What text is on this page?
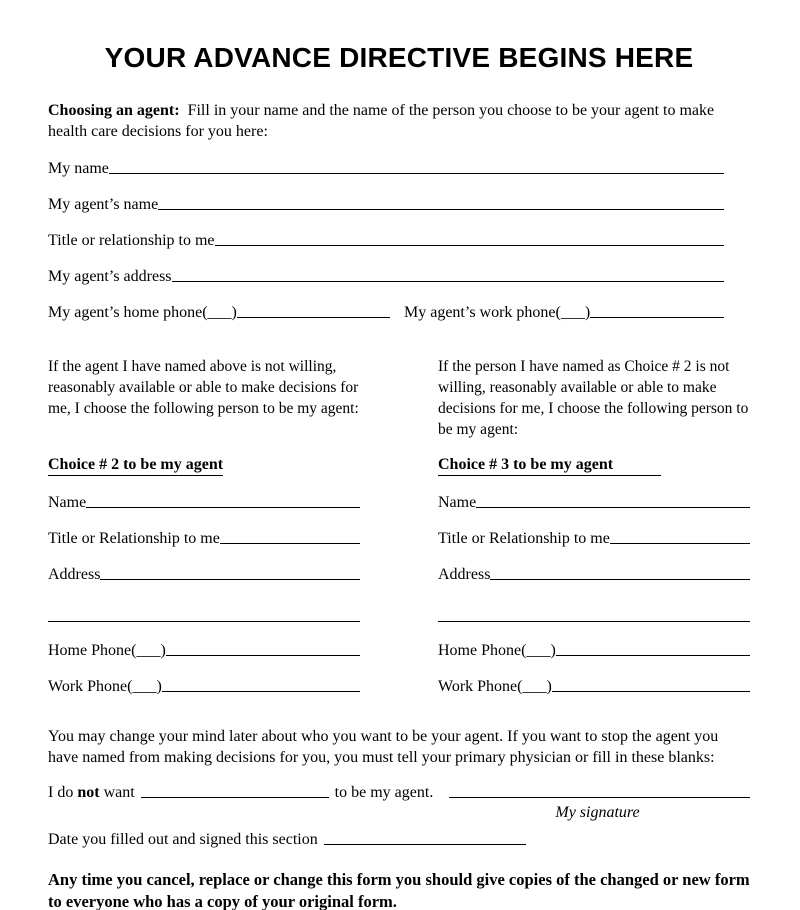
YOUR ADVANCE DIRECTIVE BEGINS HERE

Choosing an agent: Fill in your name and the name of the person you choose to be your agent to make health care decisions for you here:

My name
My agent’s name
Title or relationship to me
My agent’s address
My agent’s home phone (___)	My agent’s work phone (___)

If the agent I have named above is not willing, reasonably available or able to make decisions for me, I choose the following person to be my agent:

Choice # 2 to be my agent
Name
Title or Relationship to me
Address
Home Phone (___)
Work Phone (___)

If the person I have named as Choice # 2 is not willing, reasonably available or able to make decisions for me, I choose the following person to be my agent:

Choice # 3 to be my agent
Name
Title or Relationship to me
Address
Home Phone (___)
Work Phone (___)

You may change your mind later about who you want to be your agent. If you want to stop the agent you have named from making decisions for you, you must tell your primary physician or fill in these blanks:

I do not want	to be my agent.
My signature
Date you filled out and signed this section

Any time you cancel, replace or change this form you should give copies of the changed or new form to everyone who has a copy of your original form.
